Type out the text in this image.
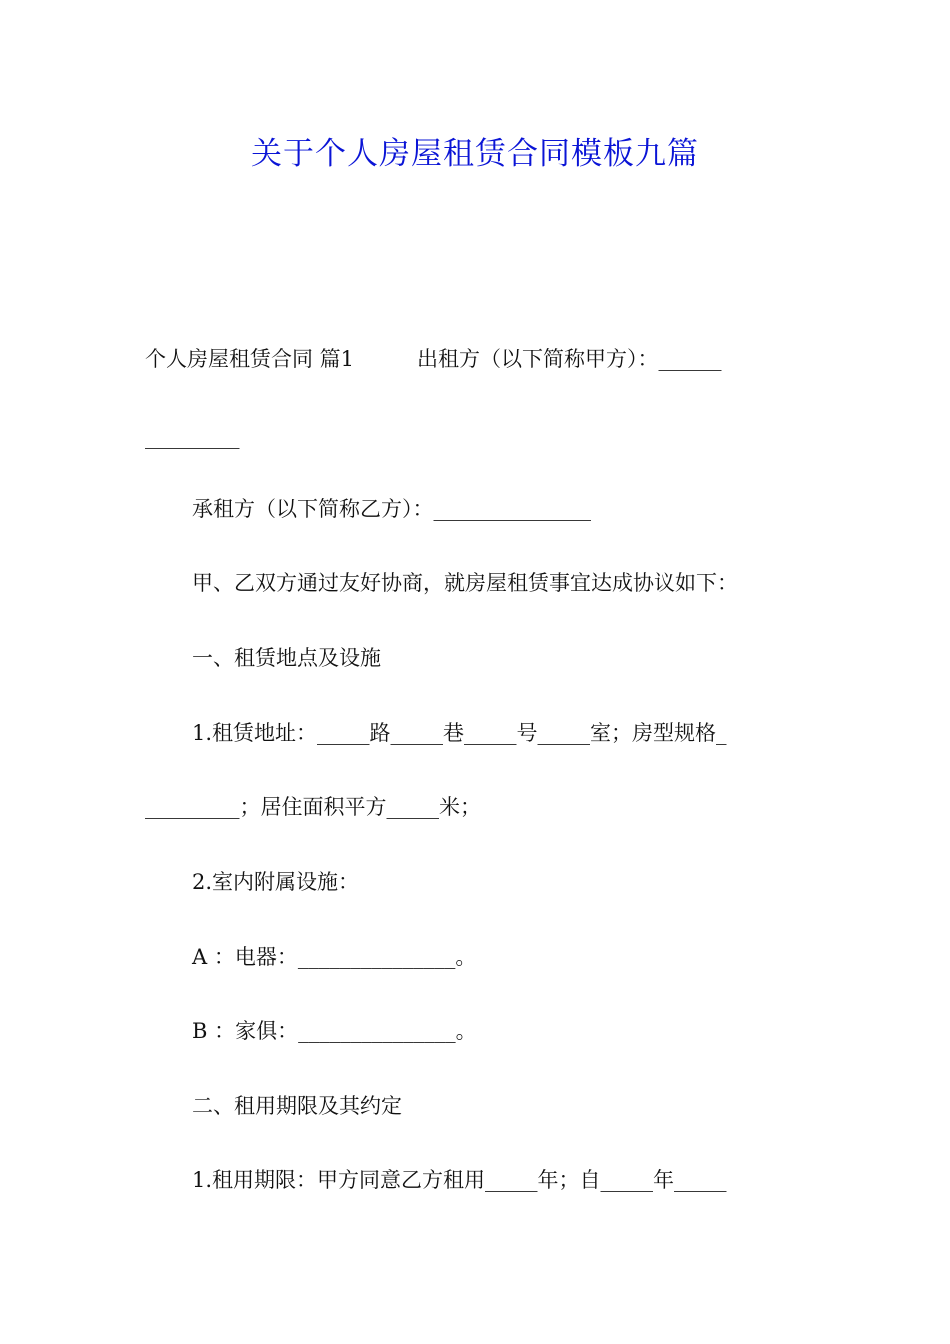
关于个人房屋租赁合同模板九篇
个人房屋租赁合同 篇1　　　出租方（以下简称甲方）：______
_________
承租方（以下简称乙方）：_______________
甲、乙双方通过友好协商，就房屋租赁事宜达成协议如下：
一、租赁地点及设施
1.租赁地址：_____路_____巷_____号_____室；房型规格_
_________；居住面积平方_____米；
2.室内附属设施：
A ：电器：_______________。
B ：家俱：_______________。
二、租用期限及其约定
1.租用期限：甲方同意乙方租用_____年；自_____年_____
